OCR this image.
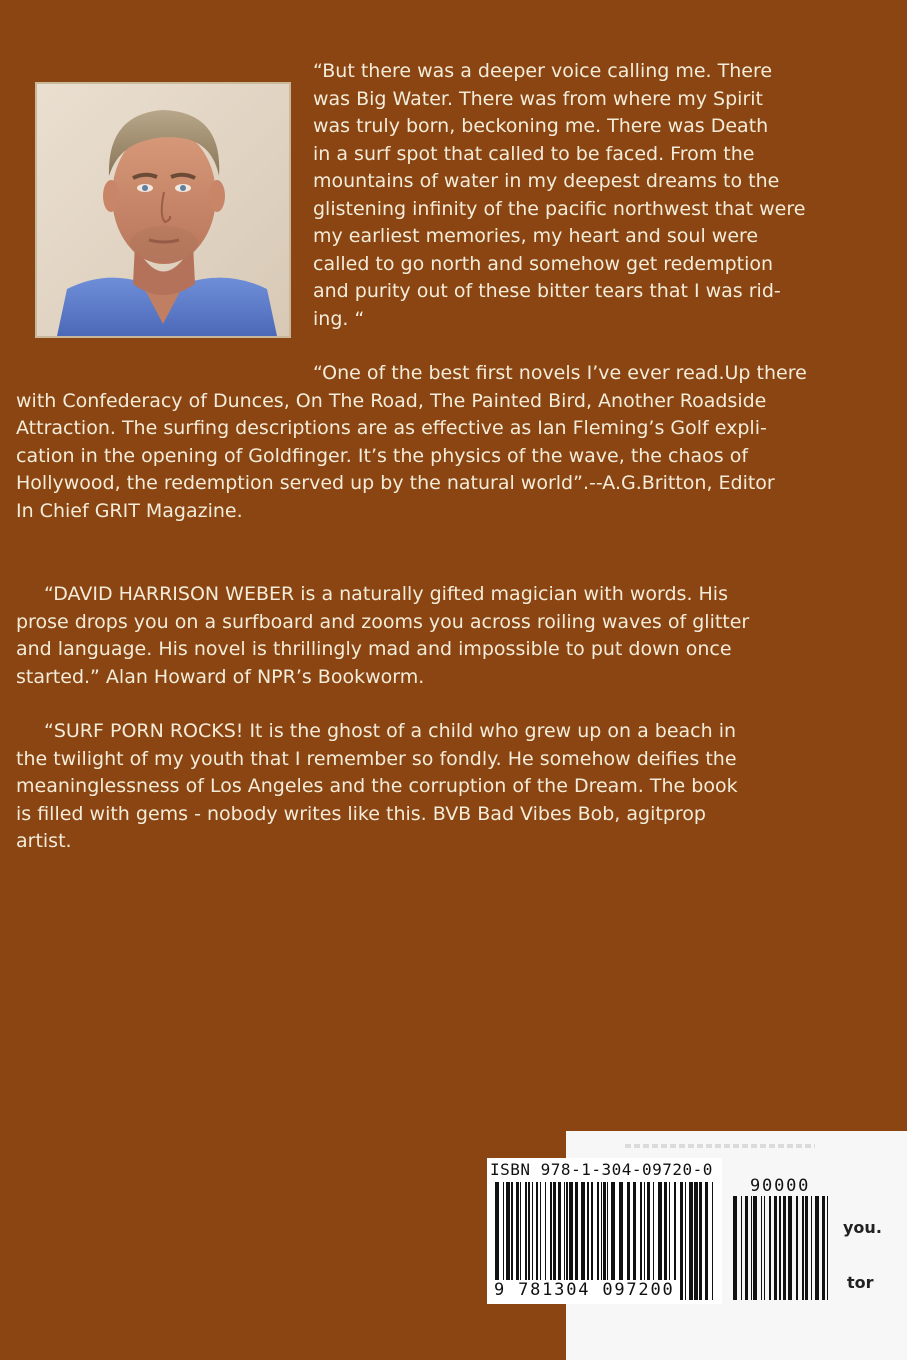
“But there was a deeper voice calling me. There
was Big Water. There was from where my Spirit
was truly born, beckoning me. There was Death
in a surf spot that called to be faced. From the
mountains of water in my deepest dreams to the
glistening infinity of the pacific northwest that were
my earliest memories, my heart and soul were
called to go north and somehow get redemption
and purity out of these bitter tears that I was rid-
ing. “
“One of the best first novels I’ve ever read.Up there
with Confederacy of Dunces, On The Road, The Painted Bird, Another Roadside
Attraction. The surfing descriptions are as effective as Ian Fleming’s Golf expli-
cation in the opening of Goldfinger. It’s the physics of the wave, the chaos of
Hollywood, the redemption served up by the natural world”.--A.G.Britton, Editor
In Chief GRIT Magazine.
“DAVID HARRISON WEBER is a naturally gifted magician with words. His
prose drops you on a surfboard and zooms you across roiling waves of glitter
and language. His novel is thrillingly mad and impossible to put down once
started.” Alan Howard of NPR’s Bookworm.
“SURF PORN ROCKS! It is the ghost of a child who grew up on a beach in
the twilight of my youth that I remember so fondly. He somehow deifies the
meaninglessness of Los Angeles and the corruption of the Dream. The book
is filled with gems - nobody writes like this. BVB Bad Vibes Bob, agitprop
artist.
you.
tor
ISBN 978-1-304-09720-0
9 781304 097200
90000
